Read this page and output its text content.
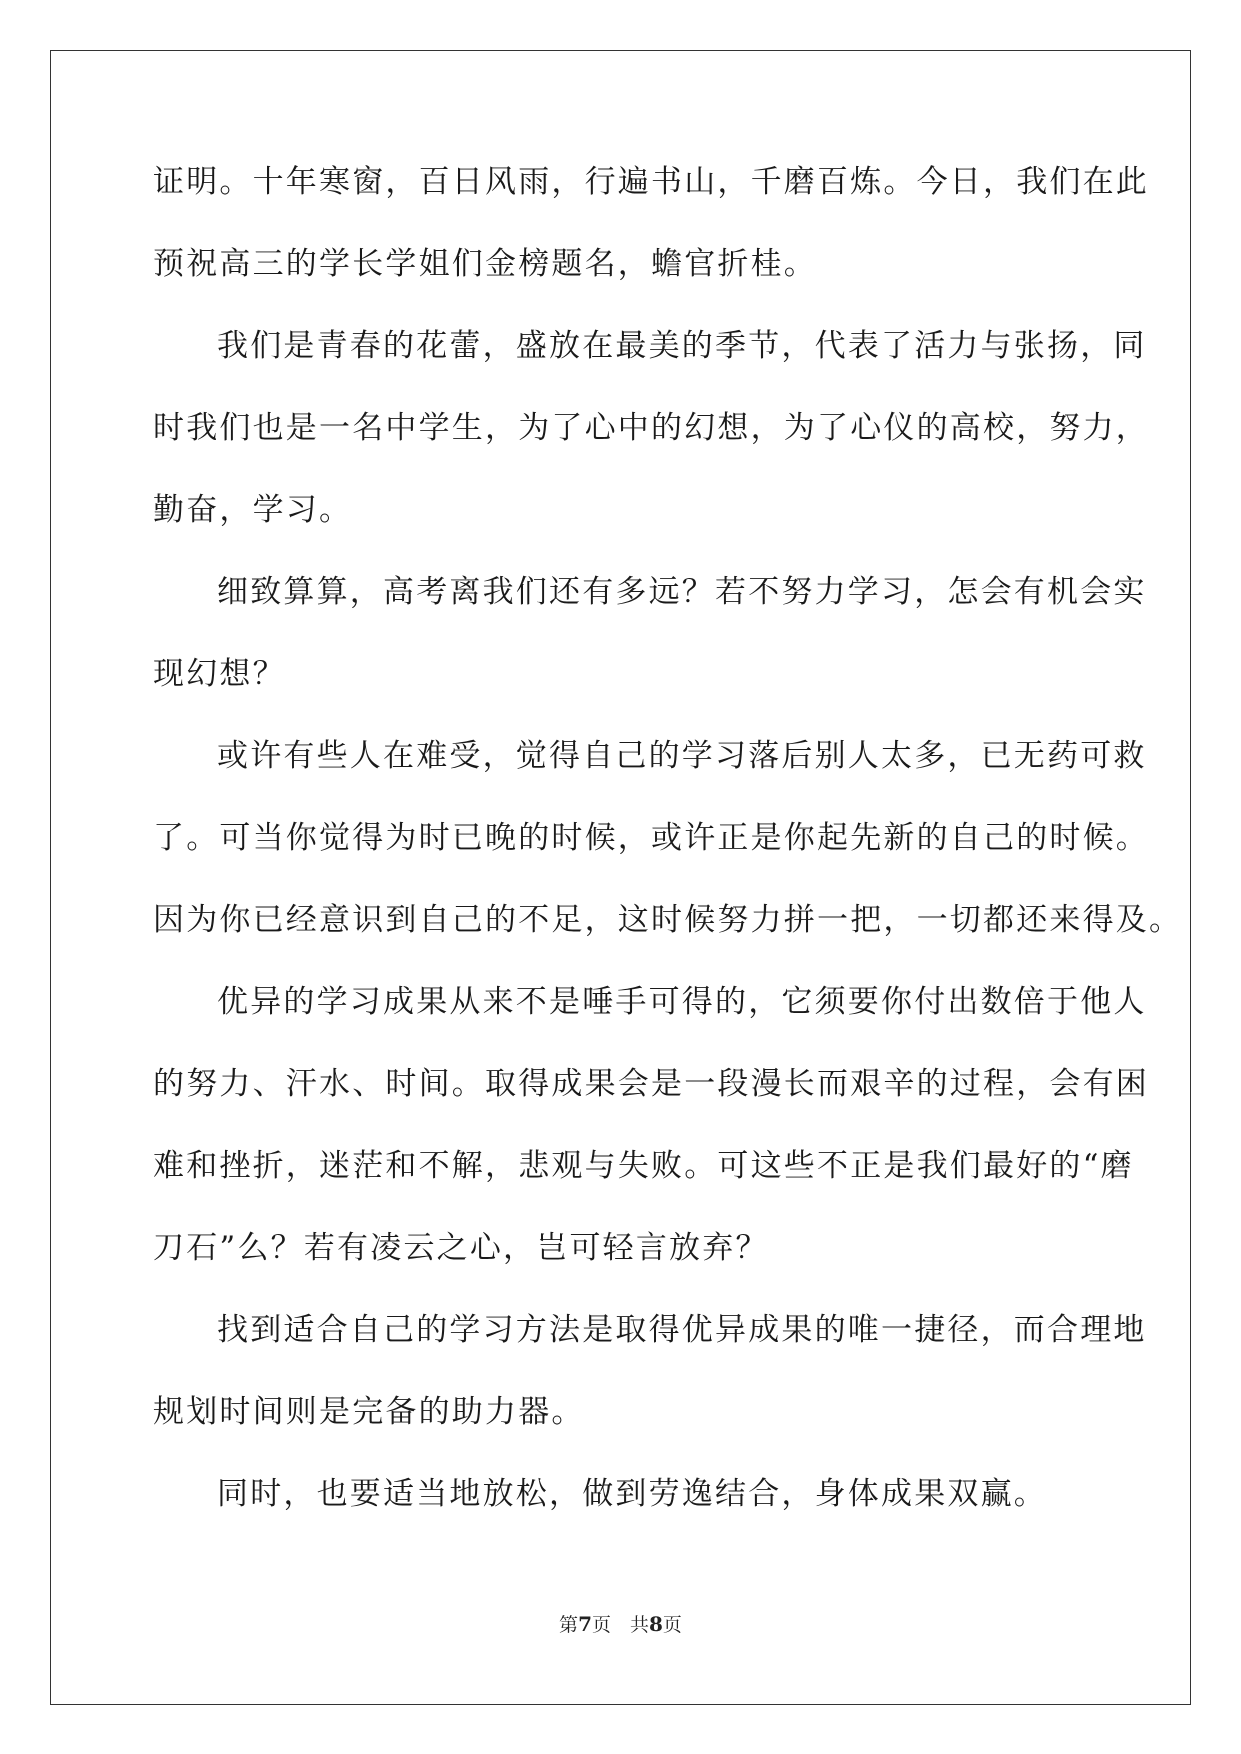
证明。十年寒窗，百日风雨，行遍书山，千磨百炼。今日，我们在此
预祝高三的学长学姐们金榜题名，蟾官折桂。
我们是青春的花蕾，盛放在最美的季节，代表了活力与张扬，同
时我们也是一名中学生，为了心中的幻想，为了心仪的高校，努力，
勤奋，学习。
细致算算，高考离我们还有多远？若不努力学习，怎会有机会实
现幻想？
或许有些人在难受，觉得自己的学习落后别人太多，已无药可救
了。可当你觉得为时已晚的时候，或许正是你起先新的自己的时候。
因为你已经意识到自己的不足，这时候努力拼一把，一切都还来得及。
优异的学习成果从来不是唾手可得的，它须要你付出数倍于他人
的努力、汗水、时间。取得成果会是一段漫长而艰辛的过程，会有困
难和挫折，迷茫和不解，悲观与失败。可这些不正是我们最好的“磨
刀石”么？若有凌云之心，岂可轻言放弃？
找到适合自己的学习方法是取得优异成果的唯一捷径，而合理地
规划时间则是完备的助力器。
同时，也要适当地放松，做到劳逸结合，身体成果双赢。
第7页　共8页
